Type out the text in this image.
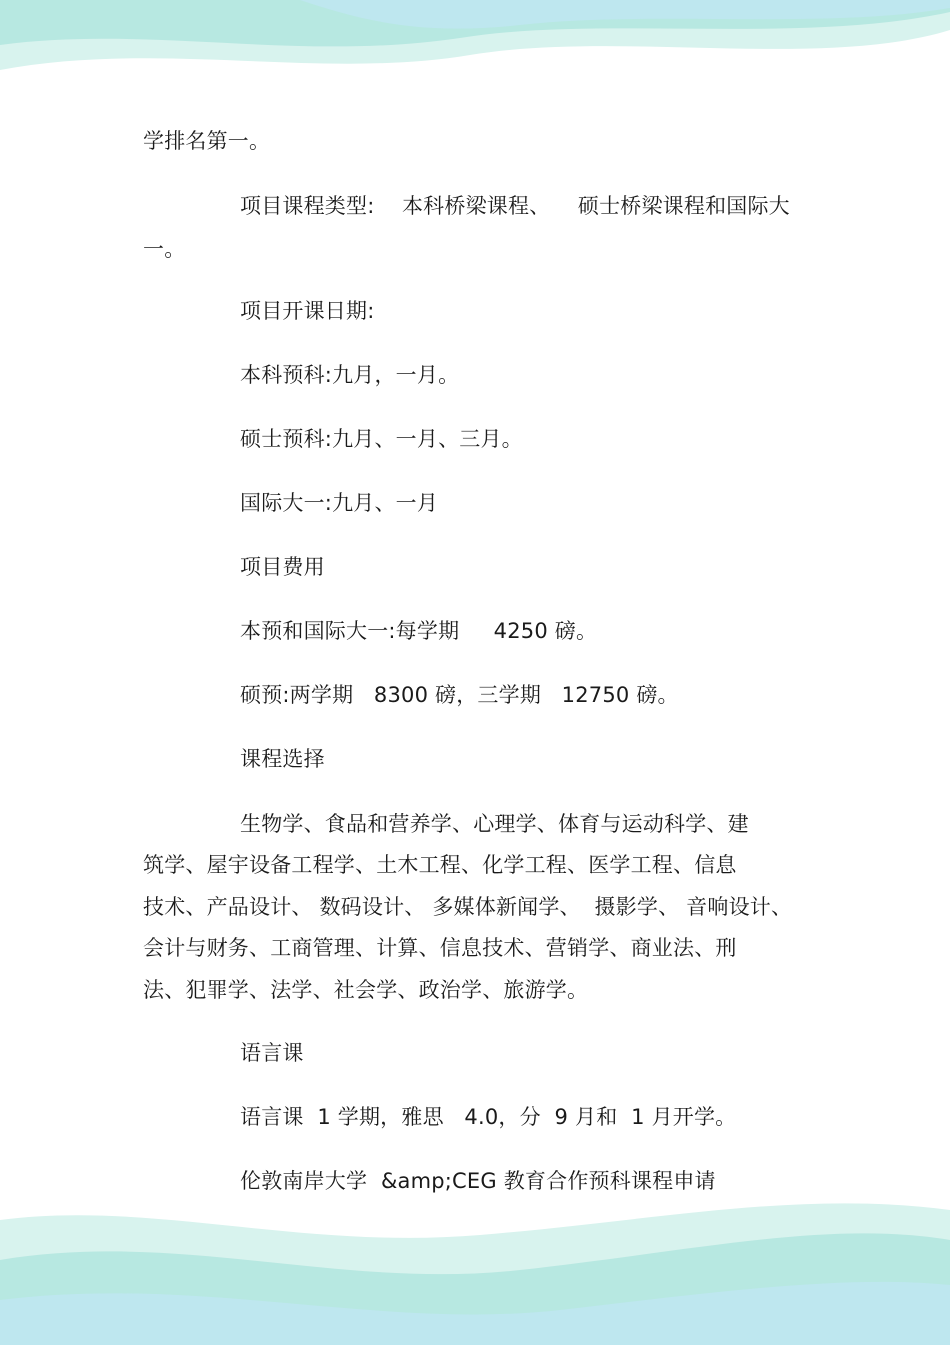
学排名第一。
项目课程类型:    本科桥梁课程、    硕士桥梁课程和国际大
一。
项目开课日期:
本科预科:九月，一月。
硕士预科:九月、一月、三月。
国际大一:九月、一月
项目费用
本预和国际大一:每学期     4250 磅。
硕预:两学期   8300 磅，三学期   12750 磅。
课程选择
生物学、食品和营养学、心理学、体育与运动科学、建
筑学、屋宇设备工程学、土木工程、化学工程、医学工程、信息
技术、产品设计、 数码设计、 多媒体新闻学、  摄影学、 音响设计、
会计与财务、工商管理、计算、信息技术、营销学、商业法、刑
法、犯罪学、法学、社会学、政治学、旅游学。
语言课
语言课  1 学期，雅思   4.0，分  9 月和  1 月开学。
伦敦南岸大学  &amp;CEG 教育合作预科课程申请
